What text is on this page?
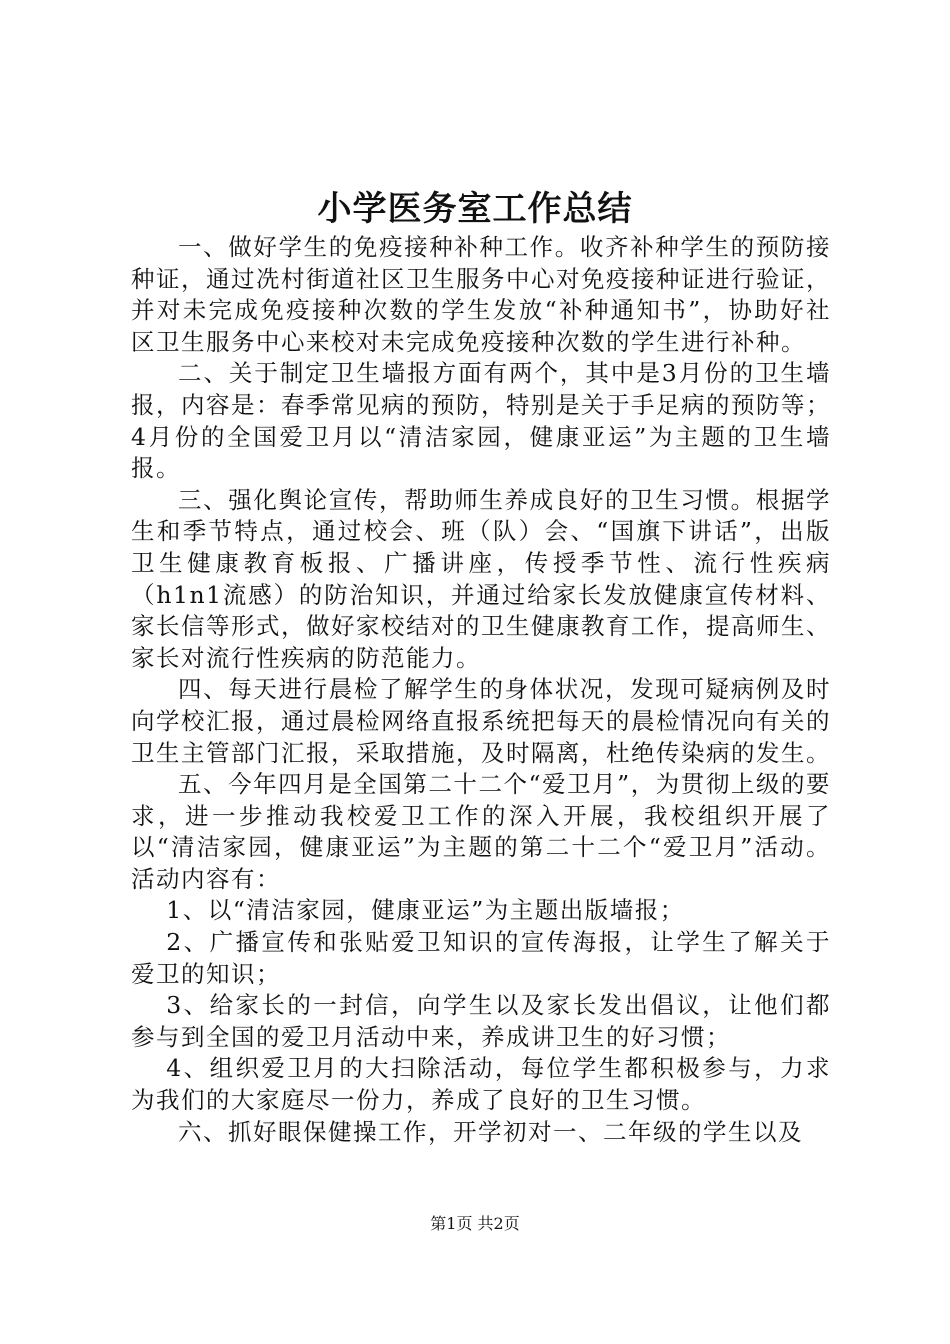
小学医务室工作总结

一、做好学生的免疫接种补种工作。收齐补种学生的预防接种证，通过冼村街道社区卫生服务中心对免疫接种证进行验证，并对未完成免疫接种次数的学生发放“补种通知书”，协助好社区卫生服务中心来校对未完成免疫接种次数的学生进行补种。

二、关于制定卫生墙报方面有两个，其中是3月份的卫生墙报，内容是：春季常见病的预防，特别是关于手足病的预防等；4月份的全国爱卫月以“清洁家园，健康亚运”为主题的卫生墙报。

三、强化舆论宣传，帮助师生养成良好的卫生习惯。根据学生和季节特点，通过校会、班（队）会、“国旗下讲话”，出版卫生健康教育板报、广播讲座，传授季节性、流行性疾病（h1n1流感）的防治知识，并通过给家长发放健康宣传材料、家长信等形式，做好家校结对的卫生健康教育工作，提高师生、家长对流行性疾病的防范能力。

四、每天进行晨检了解学生的身体状况，发现可疑病例及时向学校汇报，通过晨检网络直报系统把每天的晨检情况向有关的卫生主管部门汇报，采取措施，及时隔离，杜绝传染病的发生。

五、今年四月是全国第二十二个“爱卫月”，为贯彻上级的要求，进一步推动我校爱卫工作的深入开展，我校组织开展了以“清洁家园，健康亚运”为主题的第二十二个“爱卫月”活动。活动内容有：

1、以“清洁家园，健康亚运”为主题出版墙报；

2、广播宣传和张贴爱卫知识的宣传海报，让学生了解关于爱卫的知识；

3、给家长的一封信，向学生以及家长发出倡议，让他们都参与到全国的爱卫月活动中来，养成讲卫生的好习惯；

4、组织爱卫月的大扫除活动，每位学生都积极参与，力求为我们的大家庭尽一份力，养成了良好的卫生习惯。

六、抓好眼保健操工作，开学初对一、二年级的学生以及

第1页 共2页
